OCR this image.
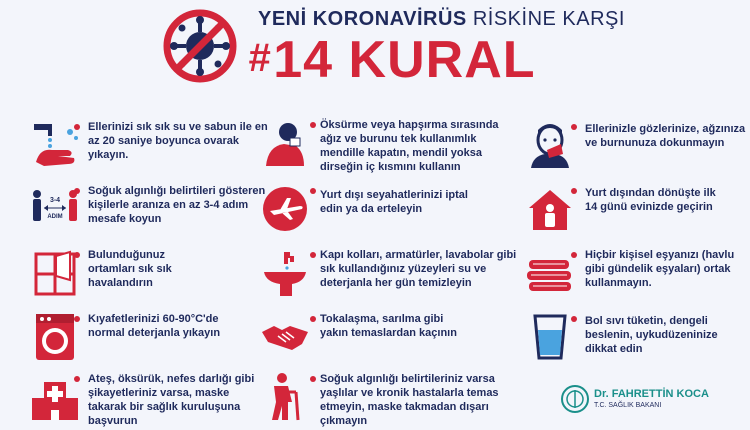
YENİ KORONAVİRÜS RİSKİNE KARŞI
#14 KURAL
Ellerinizi sık sık su ve sabun ile en az 20 saniye boyunca ovarak yıkayın.
Öksürme veya hapşırma sırasında ağız ve burunu tek kullanımlık mendille kapatın, mendil yoksa dirseğin iç kısmını kullanın
Ellerinizle gözlerinize, ağzınıza ve burnunuza dokunmayın
3-4
ADIM
Soğuk algınlığı belirtileri gösteren kişilerle aranıza en az 3-4 adım mesafe koyun
Yurt dışı seyahatlerinizi iptal edin ya da erteleyin
Yurt dışından dönüşte ilk 14 günü evinizde geçirin
Bulunduğunuz ortamları sık sık havalandırın
Kapı kolları, armatürler, lavabolar gibi sık kullandığınız yüzeyleri su ve deterjanla her gün temizleyin
Hiçbir kişisel eşyanızı (havlu gibi gündelik eşyaları) ortak kullanmayın.
Kıyafetlerinizi 60-90°C'de normal deterjanla yıkayın
Tokalaşma, sarılma gibi yakın temaslardan kaçının
Bol sıvı tüketin, dengeli beslenin, uykudüzeninize dikkat edin
Ateş, öksürük, nefes darlığı gibi şikayetleriniz varsa, maske takarak bir sağlık kuruluşuna başvurun
Soğuk algınlığı belirtileriniz varsa yaşlılar ve kronik hastalarla temas etmeyin, maske takmadan dışarı çıkmayın
Dr. FAHRETTİN KOCA
T.C. SAĞLIK BAKANI
